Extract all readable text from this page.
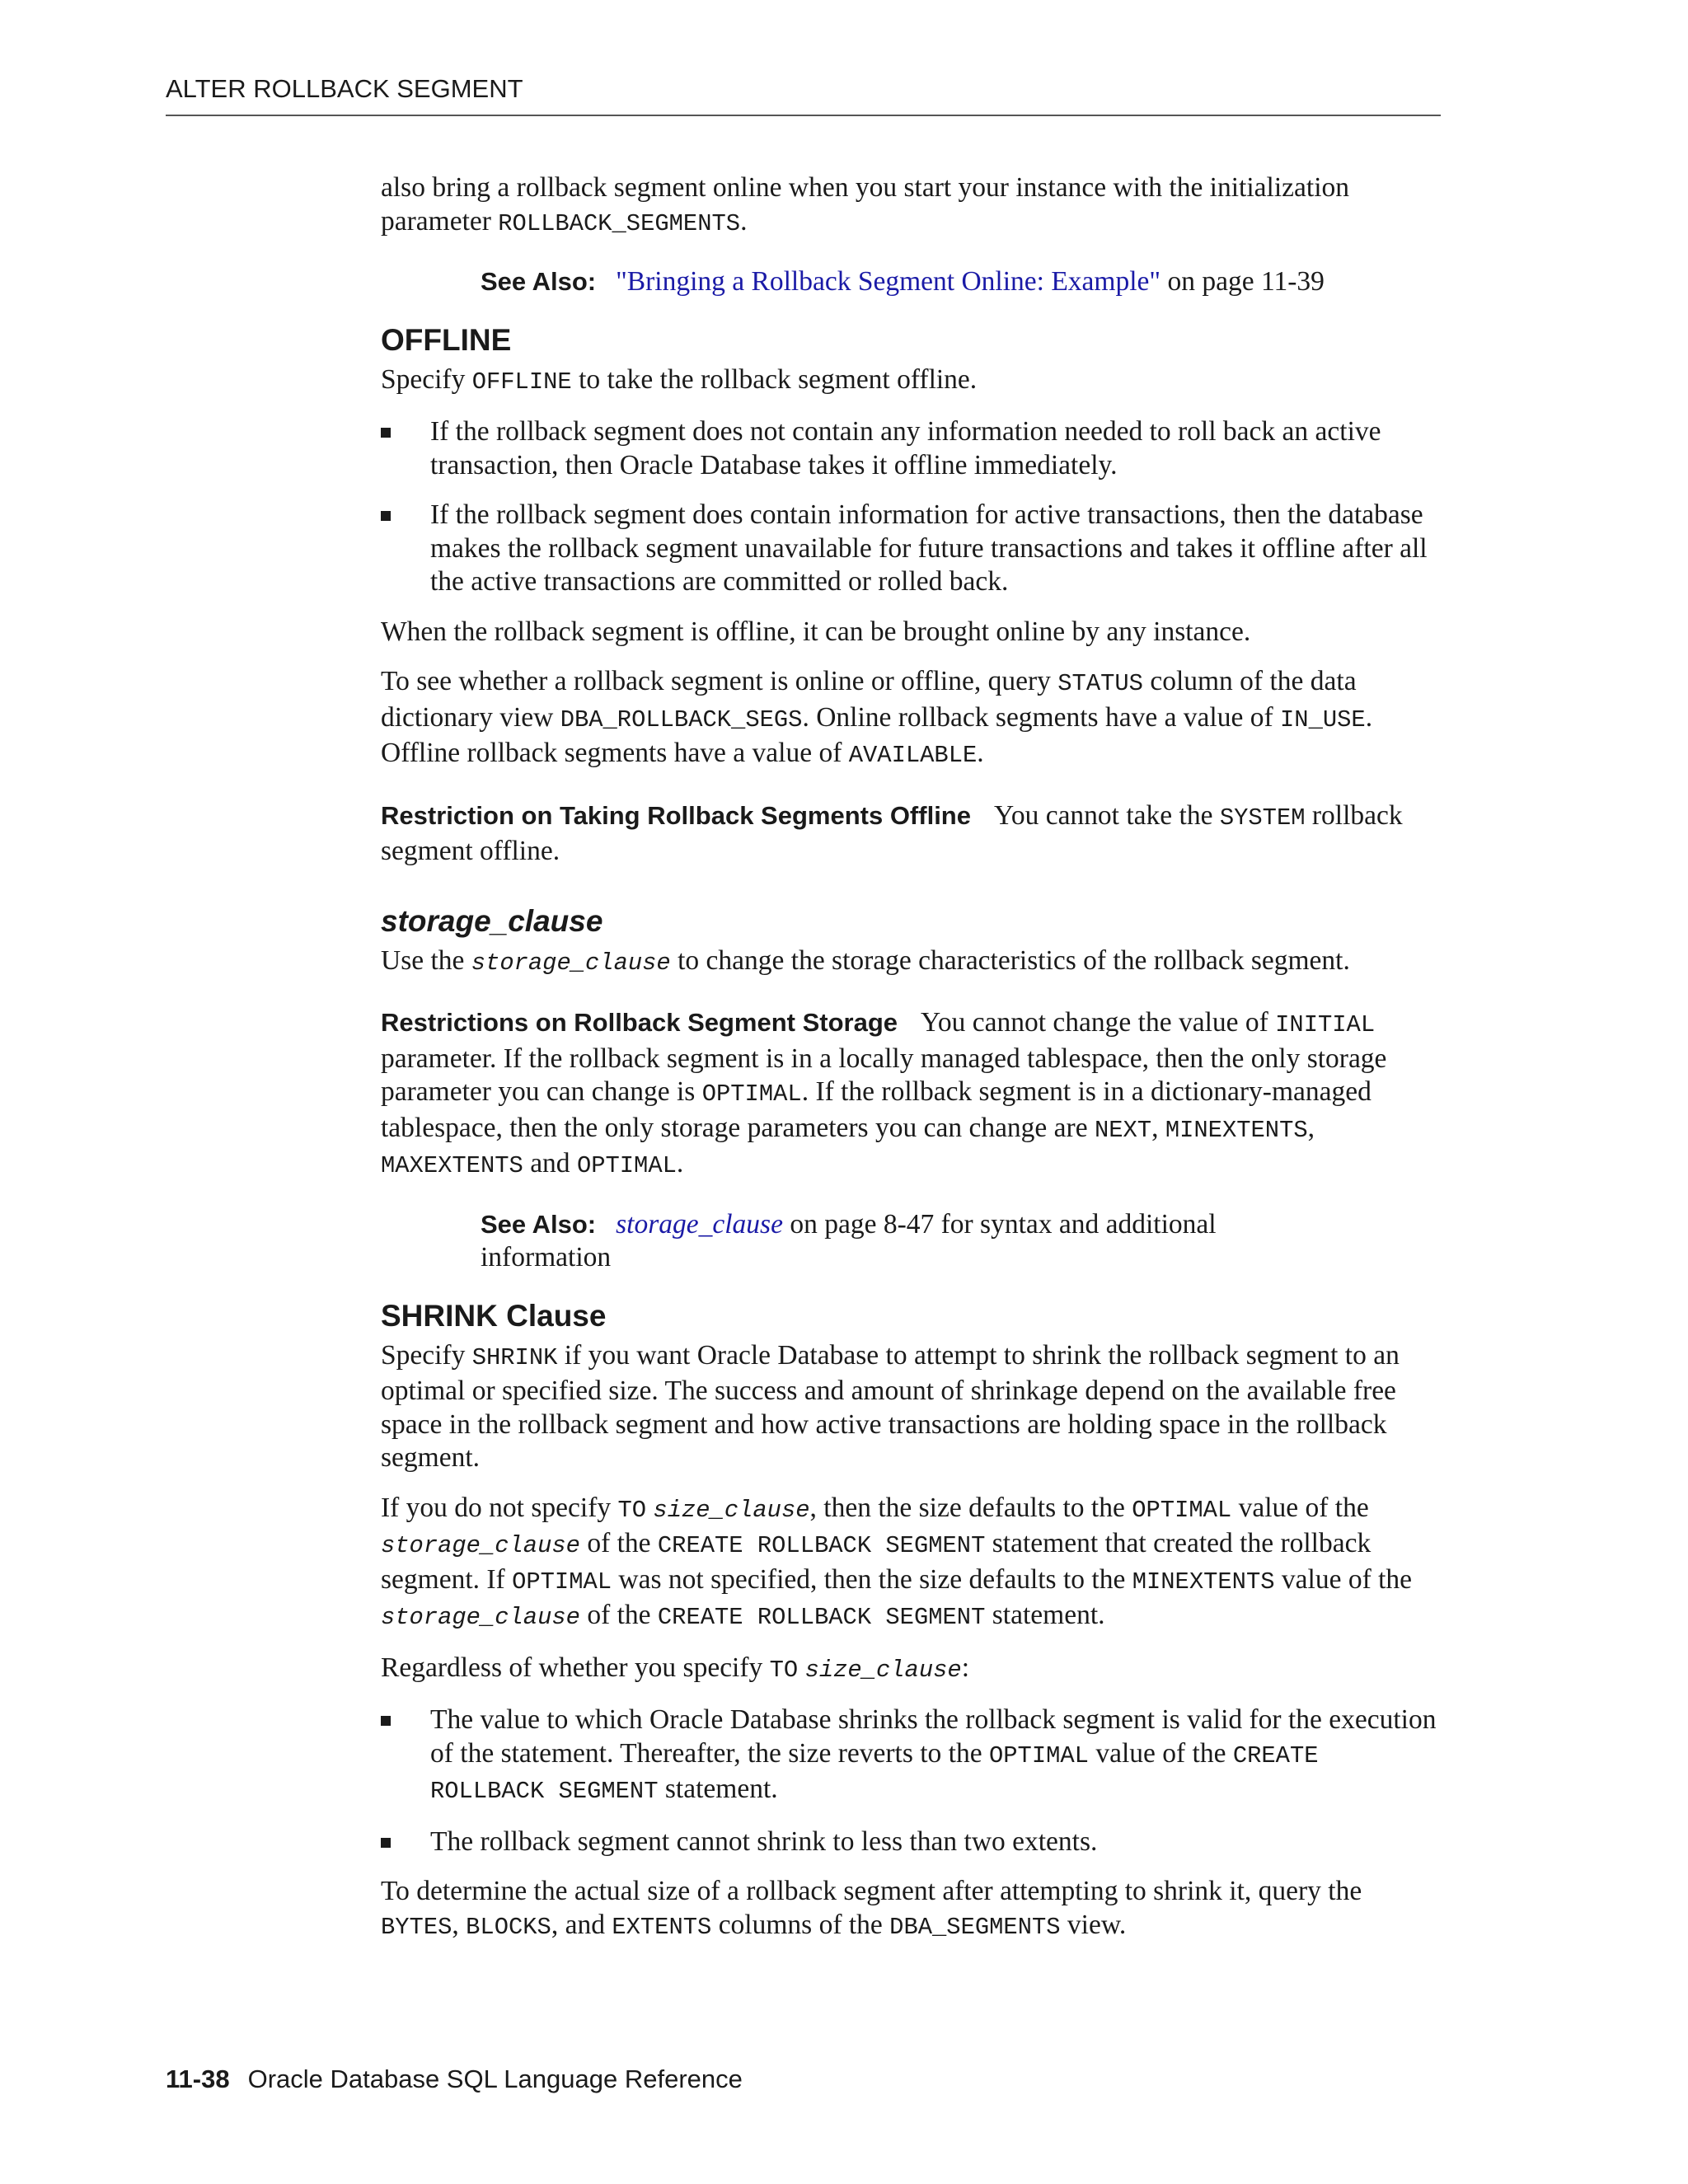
ALTER ROLLBACK SEGMENT

also bring a rollback segment online when you start your instance with the initialization parameter ROLLBACK_SEGMENTS.

See Also: "Bringing a Rollback Segment Online: Example" on page 11-39

OFFLINE

Specify OFFLINE to take the rollback segment offline.

If the rollback segment does not contain any information needed to roll back an active transaction, then Oracle Database takes it offline immediately.
If the rollback segment does contain information for active transactions, then the database makes the rollback segment unavailable for future transactions and takes it offline after all the active transactions are committed or rolled back.

When the rollback segment is offline, it can be brought online by any instance.

To see whether a rollback segment is online or offline, query STATUS column of the data dictionary view DBA_ROLLBACK_SEGS. Online rollback segments have a value of IN_USE. Offline rollback segments have a value of AVAILABLE.

Restriction on Taking Rollback Segments Offline You cannot take the SYSTEM rollback segment offline.

storage_clause

Use the storage_clause to change the storage characteristics of the rollback segment.

Restrictions on Rollback Segment Storage You cannot change the value of INITIAL parameter. If the rollback segment is in a locally managed tablespace, then the only storage parameter you can change is OPTIMAL. If the rollback segment is in a dictionary-managed tablespace, then the only storage parameters you can change are NEXT, MINEXTENTS, MAXEXTENTS and OPTIMAL.

See Also: storage_clause on page 8-47 for syntax and additional information

SHRINK Clause

Specify SHRINK if you want Oracle Database to attempt to shrink the rollback segment to an optimal or specified size. The success and amount of shrinkage depend on the available free space in the rollback segment and how active transactions are holding space in the rollback segment.

If you do not specify TO size_clause, then the size defaults to the OPTIMAL value of the storage_clause of the CREATE ROLLBACK SEGMENT statement that created the rollback segment. If OPTIMAL was not specified, then the size defaults to the MINEXTENTS value of the storage_clause of the CREATE ROLLBACK SEGMENT statement.

Regardless of whether you specify TO size_clause:

The value to which Oracle Database shrinks the rollback segment is valid for the execution of the statement. Thereafter, the size reverts to the OPTIMAL value of the CREATE ROLLBACK SEGMENT statement.
The rollback segment cannot shrink to less than two extents.

To determine the actual size of a rollback segment after attempting to shrink it, query the BYTES, BLOCKS, and EXTENTS columns of the DBA_SEGMENTS view.

11-38 Oracle Database SQL Language Reference
